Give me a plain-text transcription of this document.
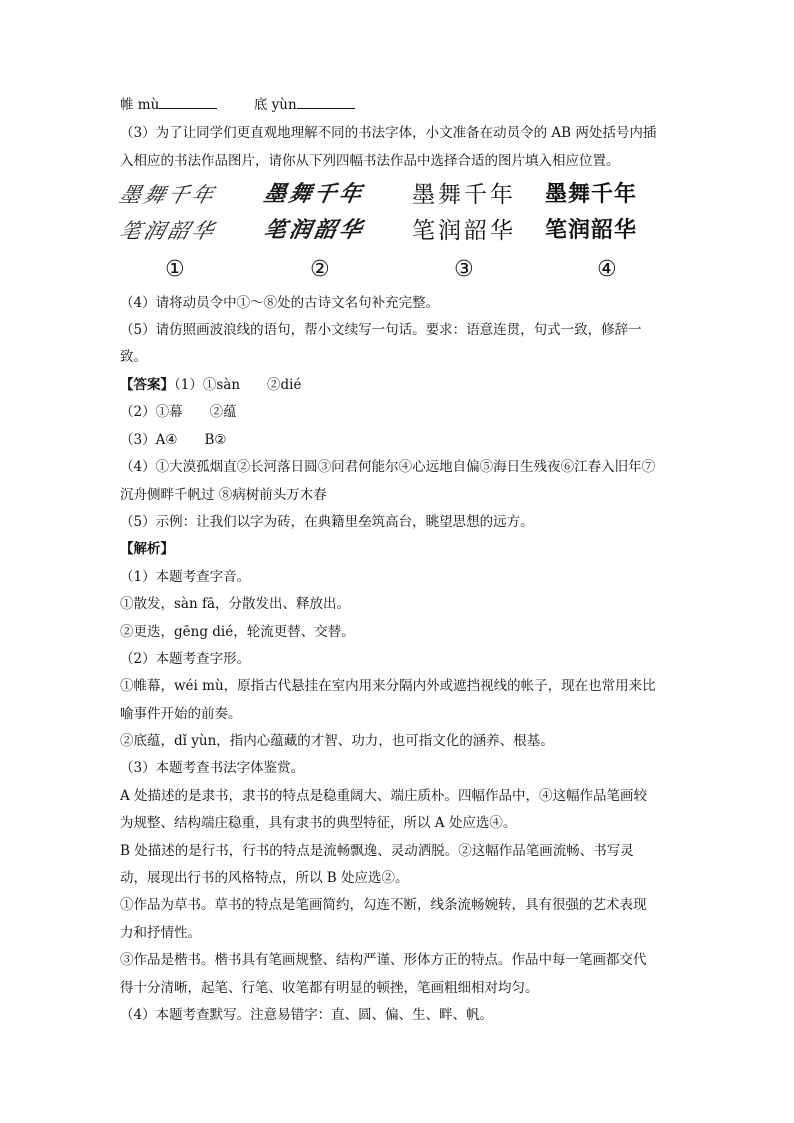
帷 mù	底 yùn
（3）为了让同学们更直观地理解不同的书法字体，小文准备在动员令的 AB 两处括号内插
入相应的书法作品图片，请你从下列四幅书法作品中选择合适的图片填入相应位置。
墨舞千年
笔润韶华
①
墨舞千年
笔润韶华
②
墨舞千年
笔润韶华
③
墨舞千年
笔润韶华
④
（4）请将动员令中①～⑧处的古诗文名句补充完整。
（5）请仿照画波浪线的语句，帮小文续写一句话。要求：语意连贯，句式一致，修辞一
致。
【答案】（1）①sàn　　②dié
（2）①幕　　②蕴
（3）A④　　B②
（4）①大漠孤烟直②长河落日圆③问君何能尔④心远地自偏⑤海日生残夜⑥江春入旧年⑦
沉舟侧畔千帆过 ⑧病树前头万木春
（5）示例：让我们以字为砖，在典籍里垒筑高台，眺望思想的远方。
【解析】
（1）本题考查字音。
①散发，sàn fā，分散发出、释放出。
②更迭，gēng dié，轮流更替、交替。
（2）本题考查字形。
①帷幕，wéi mù，原指古代悬挂在室内用来分隔内外或遮挡视线的帐子，现在也常用来比
喻事件开始的前奏。
②底蕴，dǐ yùn，指内心蕴藏的才智、功力，也可指文化的涵养、根基。
（3）本题考查书法字体鉴赏。
A 处描述的是隶书，隶书的特点是稳重阔大、端庄质朴。四幅作品中，④这幅作品笔画较
为规整、结构端庄稳重，具有隶书的典型特征，所以 A 处应选④。
B 处描述的是行书，行书的特点是流畅飘逸、灵动洒脱。②这幅作品笔画流畅、书写灵
动，展现出行书的风格特点，所以 B 处应选②。
①作品为草书。草书的特点是笔画简约，勾连不断，线条流畅婉转，具有很强的艺术表现
力和抒情性。
③作品是楷书。楷书具有笔画规整、结构严谨、形体方正的特点。作品中每一笔画都交代
得十分清晰，起笔、行笔、收笔都有明显的顿挫，笔画粗细相对均匀。
（4）本题考查默写。注意易错字：直、圆、偏、生、畔、帆。
